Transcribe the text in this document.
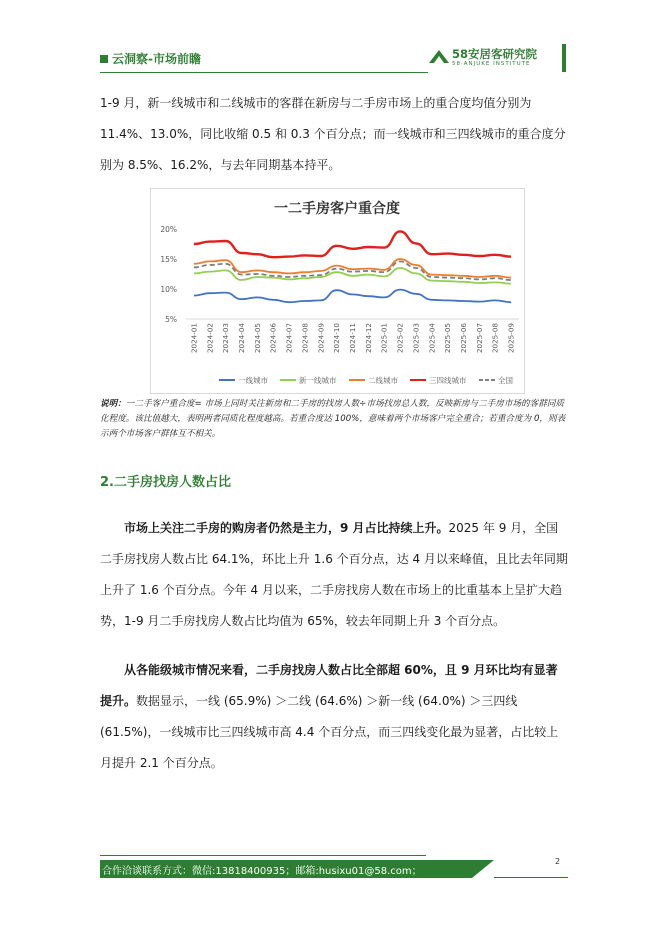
云洞察-市场前瞻	58安居客研究院
58·ANJUKE INSTITUTE

1-9 月，新一线城市和二线城市的客群在新房与二手房市场上的重合度均值分别为 11.4%、13.0%，同比收缩 0.5 和 0.3 个百分点；而一线城市和三四线城市的重合度分别为 8.5%、16.2%，与去年同期基本持平。

一二手房客户重合度
5%
10%
15%
20%
2024-01 2024-02 2024-03 2024-04 2024-05 2024-06 2024-07 2024-08 2024-09 2024-10 2024-11 2024-12 2025-01 2025-02 2025-03 2025-04 2025-05 2025-06 2025-07 2025-08 2025-09
一线城市	新一线城市	二线城市	三四线城市	全国

说明：一二手客户重合度= 市场上同时关注新房和二手房的找房人数÷市场找房总人数，反映新房与二手房市场的客群同质化程度。该比值越大，表明两者同质化程度越高。若重合度达 100%，意味着两个市场客户完全重合；若重合度为 0，则表示两个市场客户群体互不相关。

2.二手房找房人数占比

市场上关注二手房的购房者仍然是主力，9 月占比持续上升。2025 年 9 月，全国二手房找房人数占比 64.1%，环比上升 1.6 个百分点，达 4 月以来峰值，且比去年同期上升了 1.6 个百分点。今年 4 月以来，二手房找房人数在市场上的比重基本上呈扩大趋势，1-9 月二手房找房人数占比均值为 65%，较去年同期上升 3 个百分点。

从各能级城市情况来看，二手房找房人数占比全部超 60%，且 9 月环比均有显著提升。数据显示，一线 (65.9%) ＞二线 (64.6%) ＞新一线 (64.0%) ＞三四线 (61.5%)，一线城市比三四线城市高 4.4 个百分点，而三四线变化最为显著，占比较上月提升 2.1 个百分点。

合作洽谈联系方式：微信:13818400935；邮箱:husixu01@58.com；
2
